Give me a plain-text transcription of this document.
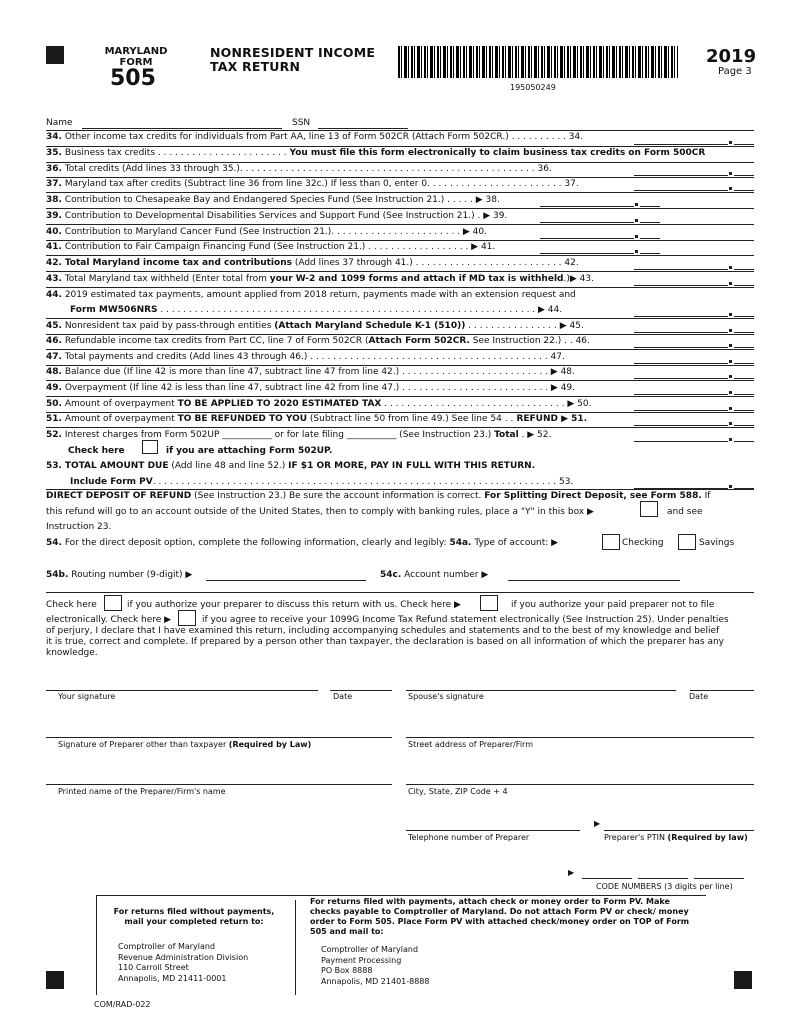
MARYLAND
FORM
505
NONRESIDENT INCOME
TAX RETURN
195050249
2019
Page 3
Name	SSN
34. Other income tax credits for individuals from Part AA, line 13 of Form 502CR (Attach Form 502CR.) . . . . . . . . . . 34.
35. Business tax credits . . . . . . . . . . . . . . . . . . . . . . . You must file this form electronically to claim business tax credits on Form 500CR
36. Total credits (Add lines 33 through 35.). . . . . . . . . . . . . . . . . . . . . . . . . . . . . . . . . . . . . . . . . . . . . . . . . . . . 36.
37. Maryland tax after credits (Subtract line 36 from line 32c.) If less than 0, enter 0. . . . . . . . . . . . . . . . . . . . . . . . 37.
38. Contribution to Chesapeake Bay and Endangered Species Fund (See Instruction 21.) . . . . . ▶ 38.
39. Contribution to Developmental Disabilities Services and Support Fund (See Instruction 21.) . ▶ 39.
40. Contribution to Maryland Cancer Fund (See Instruction 21.). . . . . . . . . . . . . . . . . . . . . . . ▶ 40.
41. Contribution to Fair Campaign Financing Fund (See Instruction 21.) . . . . . . . . . . . . . . . . . . ▶ 41.
42. Total Maryland income tax and contributions (Add lines 37 through 41.) . . . . . . . . . . . . . . . . . . . . . . . . . . 42.
43. Total Maryland tax withheld (Enter total from your W-2 and 1099 forms and attach if MD tax is withheld.)▶ 43.
44. 2019 estimated tax payments, amount applied from 2018 return, payments made with an extension request and
Form MW506NRS . . . . . . . . . . . . . . . . . . . . . . . . . . . . . . . . . . . . . . . . . . . . . . . . . . . . . . . . . . . . . . . . . . ▶ 44.
45. Nonresident tax paid by pass-through entities (Attach Maryland Schedule K-1 (510)) . . . . . . . . . . . . . . . . ▶ 45.
46. Refundable income tax credits from Part CC, line 7 of Form 502CR (Attach Form 502CR. See Instruction 22.) . . 46.
47. Total payments and credits (Add lines 43 through 46.) . . . . . . . . . . . . . . . . . . . . . . . . . . . . . . . . . . . . . . . . . . 47.
48. Balance due (If line 42 is more than line 47, subtract line 47 from line 42.) . . . . . . . . . . . . . . . . . . . . . . . . . . ▶ 48.
49. Overpayment (If line 42 is less than line 47, subtract line 42 from line 47.) . . . . . . . . . . . . . . . . . . . . . . . . . . ▶ 49.
50. Amount of overpayment TO BE APPLIED TO 2020 ESTIMATED TAX . . . . . . . . . . . . . . . . . . . . . . . . . . . . . . . . ▶ 50.
51. Amount of overpayment TO BE REFUNDED TO YOU (Subtract line 50 from line 49.) See line 54 . . REFUND ▶ 51.
52. Interest charges from Form 502UP ___________ or for late filing ___________ (See Instruction 23.) Total . ▶ 52.
Check here	if you are attaching Form 502UP.
53. TOTAL AMOUNT DUE (Add line 48 and line 52.) IF $1 OR MORE, PAY IN FULL WITH THIS RETURN.
Include Form PV. . . . . . . . . . . . . . . . . . . . . . . . . . . . . . . . . . . . . . . . . . . . . . . . . . . . . . . . . . . . . . . . . . . . . . . 53.
DIRECT DEPOSIT OF REFUND (See Instruction 23.) Be sure the account information is correct. For Splitting Direct Deposit, see Form 588. If
this refund will go to an account outside of the United States, then to comply with banking rules, place a "Y" in this box ▶	and see
Instruction 23.
54. For the direct deposit option, complete the following information, clearly and legibly: 54a. Type of account: ▶	Checking	Savings
54b. Routing number (9-digit) ▶	54c. Account number ▶
Check here	if you authorize your preparer to discuss this return with us. Check here ▶	if you authorize your paid preparer not to file
electronically. Check here ▶	if you agree to receive your 1099G Income Tax Refund statement electronically (See Instruction 25). Under penalties
of perjury, I declare that I have examined this return, including accompanying schedules and statements and to the best of my knowledge and belief
it is true, correct and complete. If prepared by a person other than taxpayer, the declaration is based on all information of which the preparer has any
knowledge.
Your signature	Date	Spouse's signature	Date
Signature of Preparer other than taxpayer (Required by Law)	Street address of Preparer/Firm
Printed name of the Preparer/Firm's name	City, State, ZIP Code + 4
▶
Telephone number of Preparer	Preparer's PTIN (Required by law)
▶
CODE NUMBERS (3 digits per line)
For returns filed without payments,
mail your completed return to:
Comptroller of Maryland
Revenue Administration Division
110 Carroll Street
Annapolis, MD 21411-0001
For returns filed with payments, attach check or money order to Form PV. Make checks payable to Comptroller of Maryland. Do not attach Form PV or check/ money order to Form 505. Place Form PV with attached check/money order on TOP of Form 505 and mail to:
Comptroller of Maryland
Payment Processing
PO Box 8888
Annapolis, MD 21401-8888
COM/RAD-022
